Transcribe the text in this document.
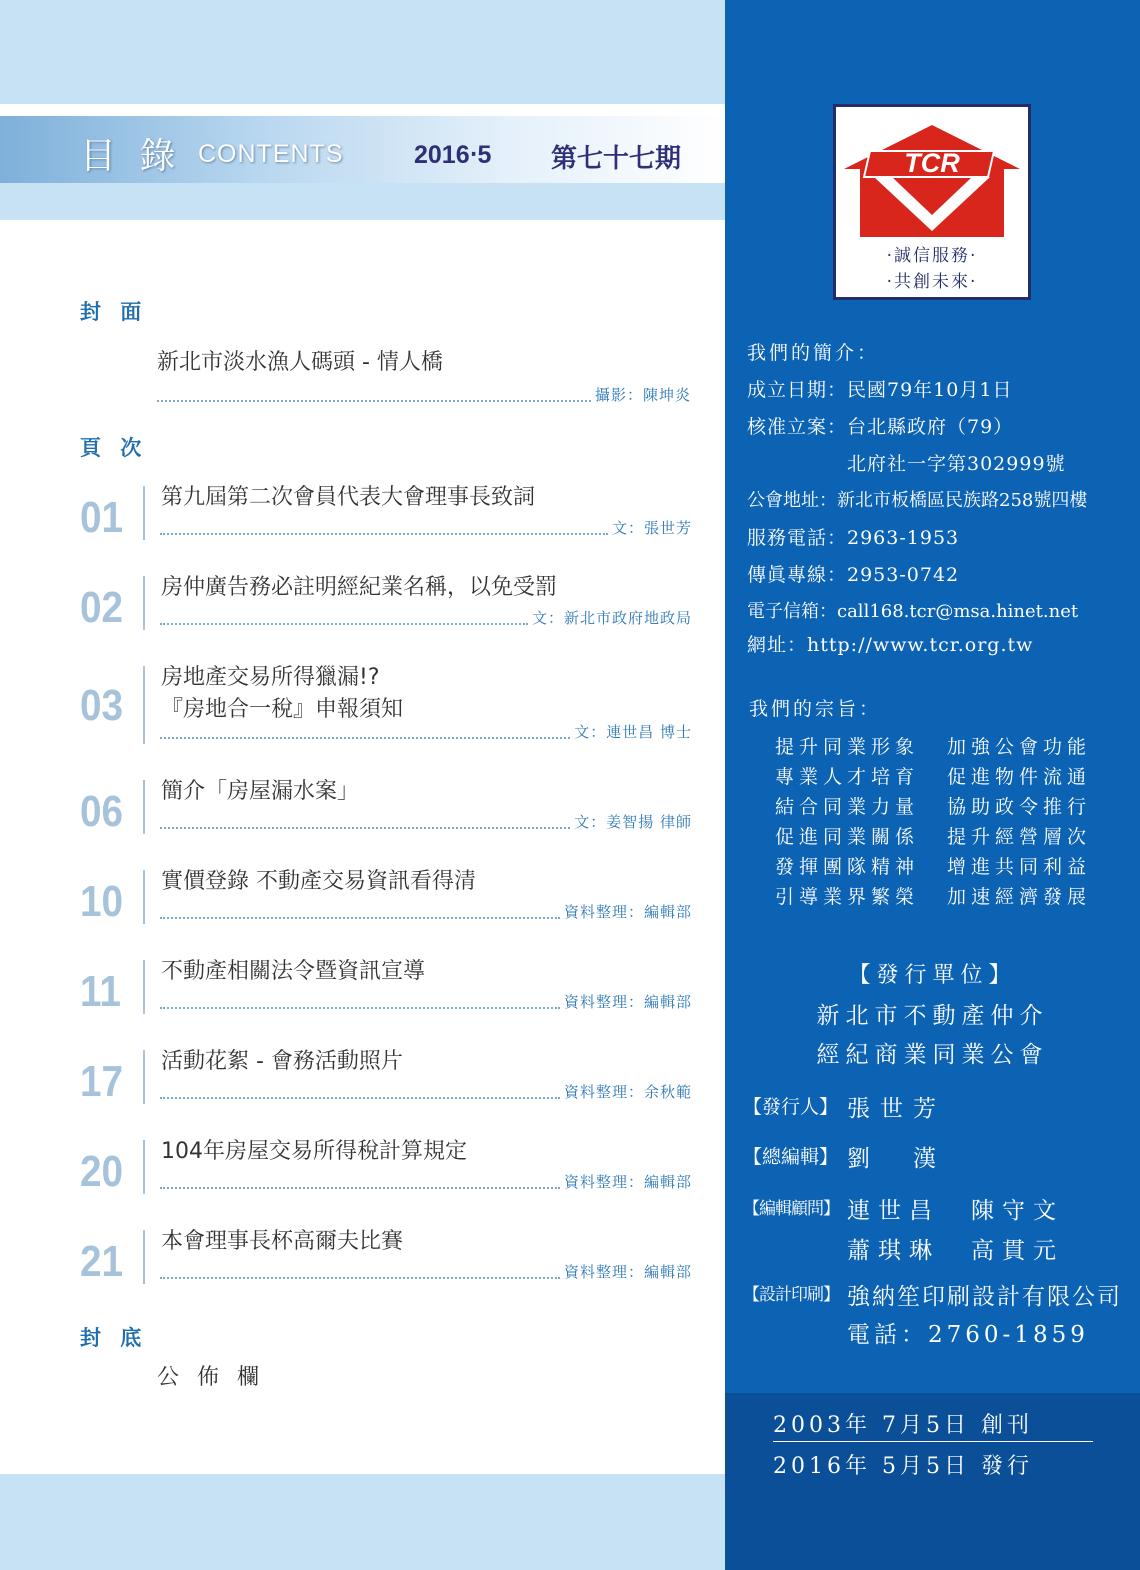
目 錄 CONTENTS	2016‧5 第七十七期
封 面
新北市淡水漁人碼頭 - 情人橋
攝影：陳坤炎
頁 次
01 第九屆第二次會員代表大會理事長致詞
文：張世芳
02 房仲廣告務必註明經紀業名稱，以免受罰
文：新北市政府地政局
03
房地產交易所得獵漏!?
『房地合一稅』申報須知
文：連世昌 博士
06 簡介「房屋漏水案」
文：姜智揚 律師
10 實價登錄 不動產交易資訊看得清
資料整理：編輯部
11 不動產相關法令暨資訊宣導
資料整理：編輯部
17 活動花絮 - 會務活動照片
資料整理：余秋範
20 104年房屋交易所得稅計算規定
資料整理：編輯部
21 本會理事長杯高爾夫比賽
資料整理：編輯部
封 底
公佈欄
TCR
‧誠信服務‧
‧共創未來‧
我們的簡介：
成立日期：民國79年10月1日
核准立案：台北縣政府（79）
　　　　　北府社一字第302999號
公會地址：新北市板橋區民族路258號四樓
服務電話：2963-1953
傳眞專線：2953-0742
電子信箱：call168.tcr@msa.hinet.net
網址：http://www.tcr.org.tw
我們的宗旨：
提升同業形象 加強公會功能
專業人才培育 促進物件流通
結合同業力量 協助政令推行
促進同業關係 提升經營層次
發揮團隊精神 增進共同利益
引導業界繁榮 加速經濟發展
【發行單位】
新北市不動產仲介
經紀商業同業公會
【發行人】 張世芳
【總編輯】 劉　漢
【編輯顧問】 連世昌　陳守文
蕭琪琳　高貫元
【設計印刷】 強納笙印刷設計有限公司
電話：2760-1859
2003年 7月5日 創刊
2016年 5月5日 發行
